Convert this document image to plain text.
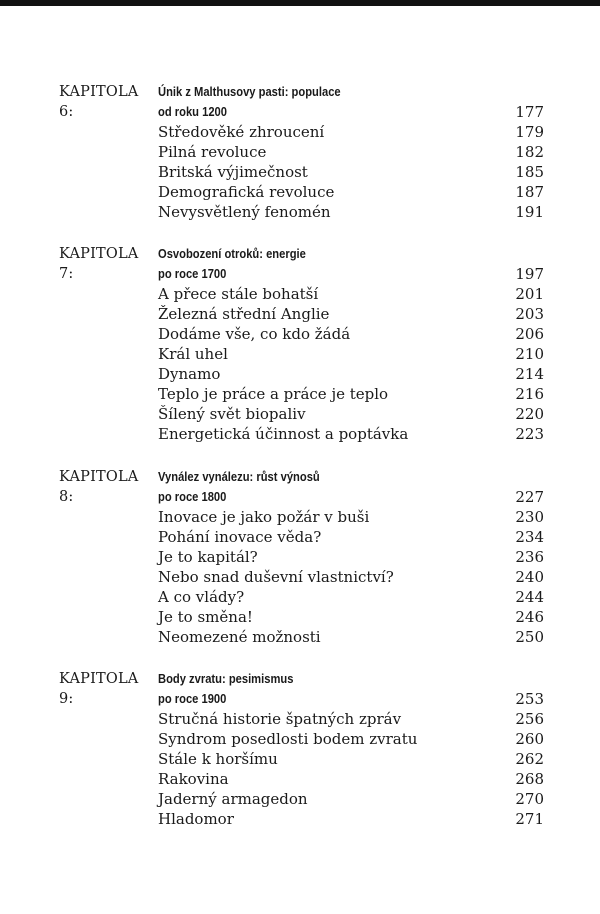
KAPITOLA 6:
Únik z Malthusovy pasti: populace
od roku 1200	177
Středověké zhroucení	179
Pilná revoluce	182
Britská výjimečnost	185
Demografická revoluce	187
Nevysvětlený fenomén	191
KAPITOLA 7:
Osvobození otroků: energie
po roce 1700	197
A přece stále bohatší	201
Železná střední Anglie	203
Dodáme vše, co kdo žádá	206
Král uhel	210
Dynamo	214
Teplo je práce a práce je teplo	216
Šílený svět biopaliv	220
Energetická účinnost a poptávka	223
KAPITOLA 8:
Vynález vynálezu: růst výnosů
po roce 1800	227
Inovace je jako požár v buši	230
Pohání inovace věda?	234
Je to kapitál?	236
Nebo snad duševní vlastnictví?	240
A co vlády?	244
Je to směna!	246
Neomezené možnosti	250
KAPITOLA 9:
Body zvratu: pesimismus
po roce 1900	253
Stručná historie špatných zpráv	256
Syndrom posedlosti bodem zvratu	260
Stále k horšímu	262
Rakovina	268
Jaderný armagedon	270
Hladomor	271
